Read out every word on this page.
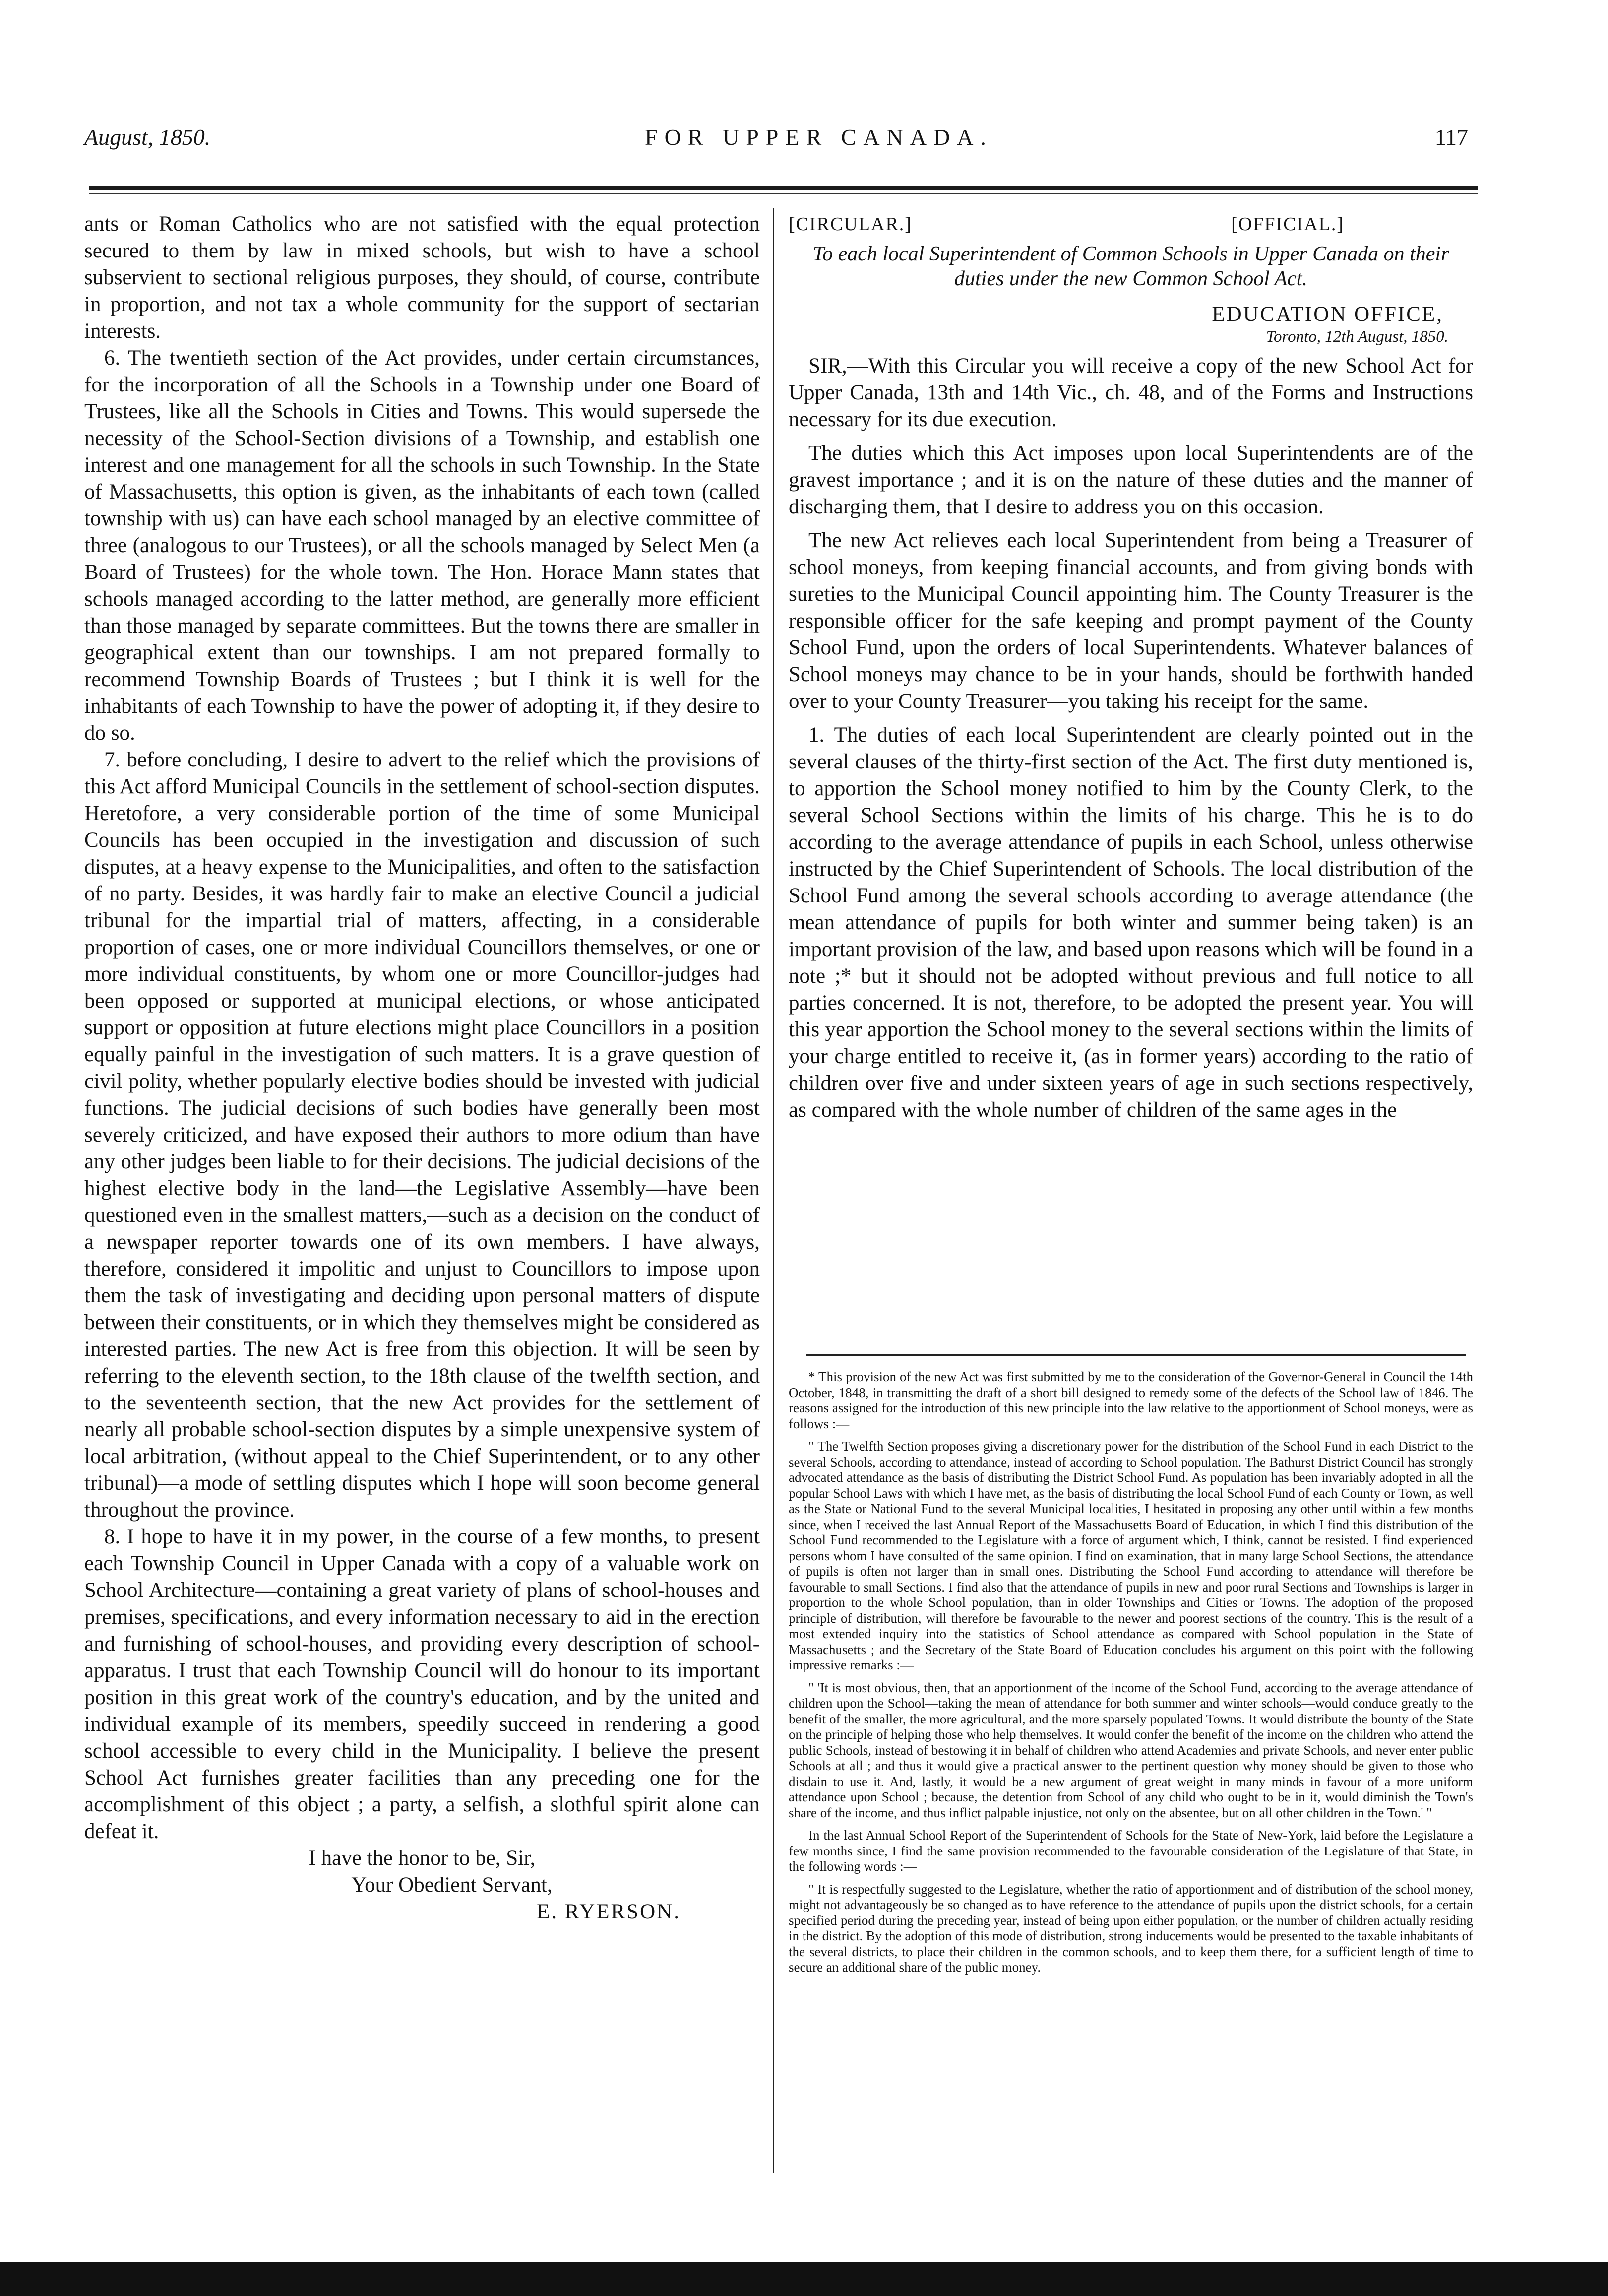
August, 1850.	FOR UPPER CANADA.	117

ants or Roman Catholics who are not satisfied with the equal protection secured to them by law in mixed schools, but wish to have a school subservient to sectional religious purposes, they should, of course, contribute in proportion, and not tax a whole community for the support of sectarian interests.

6. The twentieth section of the Act provides, under certain circumstances, for the incorporation of all the Schools in a Township under one Board of Trustees, like all the Schools in Cities and Towns. This would supersede the necessity of the School-Section divisions of a Township, and establish one interest and one management for all the schools in such Township. In the State of Massachusetts, this option is given, as the inhabitants of each town (called township with us) can have each school managed by an elective committee of three (analogous to our Trustees), or all the schools managed by Select Men (a Board of Trustees) for the whole town. The Hon. Horace Mann states that schools managed according to the latter method, are generally more efficient than those managed by separate committees. But the towns there are smaller in geographical extent than our townships. I am not prepared formally to recommend Township Boards of Trustees ; but I think it is well for the inhabitants of each Township to have the power of adopting it, if they desire to do so.

7. before concluding, I desire to advert to the relief which the provisions of this Act afford Municipal Councils in the settlement of school-section disputes. Heretofore, a very considerable portion of the time of some Municipal Councils has been occupied in the investigation and discussion of such disputes, at a heavy expense to the Municipalities, and often to the satisfaction of no party. Besides, it was hardly fair to make an elective Council a judicial tribunal for the impartial trial of matters, affecting, in a considerable proportion of cases, one or more individual Councillors themselves, or one or more individual constituents, by whom one or more Councillor-judges had been opposed or supported at municipal elections, or whose anticipated support or opposition at future elections might place Councillors in a position equally painful in the investigation of such matters. It is a grave question of civil polity, whether popularly elective bodies should be invested with judicial functions. The judicial decisions of such bodies have generally been most severely criticized, and have exposed their authors to more odium than have any other judges been liable to for their decisions. The judicial decisions of the highest elective body in the land—the Legislative Assembly—have been questioned even in the smallest matters,—such as a decision on the conduct of a newspaper reporter towards one of its own members. I have always, therefore, considered it impolitic and unjust to Councillors to impose upon them the task of investigating and deciding upon personal matters of dispute between their constituents, or in which they themselves might be considered as interested parties. The new Act is free from this objection. It will be seen by referring to the eleventh section, to the 18th clause of the twelfth section, and to the seventeenth section, that the new Act provides for the settlement of nearly all probable school-section disputes by a simple unexpensive system of local arbitration, (without appeal to the Chief Superintendent, or to any other tribunal)—a mode of settling disputes which I hope will soon become general throughout the province.

8. I hope to have it in my power, in the course of a few months, to present each Township Council in Upper Canada with a copy of a valuable work on School Architecture—containing a great variety of plans of school-houses and premises, specifications, and every information necessary to aid in the erection and furnishing of school-houses, and providing every description of school-apparatus. I trust that each Township Council will do honour to its important position in this great work of the country's education, and by the united and individual example of its members, speedily succeed in rendering a good school accessible to every child in the Municipality. I believe the present School Act furnishes greater facilities than any preceding one for the accomplishment of this object ; a party, a selfish, a slothful spirit alone can defeat it.

I have the honor to be, Sir,

Your Obedient Servant,

E. RYERSON.

[CIRCULAR.]	[OFFICIAL.]

To each local Superintendent of Common Schools in Upper Canada on their duties under the new Common School Act.

EDUCATION OFFICE,

Toronto, 12th August, 1850.

SIR,—With this Circular you will receive a copy of the new School Act for Upper Canada, 13th and 14th Vic., ch. 48, and of the Forms and Instructions necessary for its due execution.

The duties which this Act imposes upon local Superintendents are of the gravest importance ; and it is on the nature of these duties and the manner of discharging them, that I desire to address you on this occasion.

The new Act relieves each local Superintendent from being a Treasurer of school moneys, from keeping financial accounts, and from giving bonds with sureties to the Municipal Council appointing him. The County Treasurer is the responsible officer for the safe keeping and prompt payment of the County School Fund, upon the orders of local Superintendents. Whatever balances of School moneys may chance to be in your hands, should be forthwith handed over to your County Treasurer—you taking his receipt for the same.

1. The duties of each local Superintendent are clearly pointed out in the several clauses of the thirty-first section of the Act. The first duty mentioned is, to apportion the School money notified to him by the County Clerk, to the several School Sections within the limits of his charge. This he is to do according to the average attendance of pupils in each School, unless otherwise instructed by the Chief Superintendent of Schools. The local distribution of the School Fund among the several schools according to average attendance (the mean attendance of pupils for both winter and summer being taken) is an important provision of the law, and based upon reasons which will be found in a note ;* but it should not be adopted without previous and full notice to all parties concerned. It is not, therefore, to be adopted the present year. You will this year apportion the School money to the several sections within the limits of your charge entitled to receive it, (as in former years) according to the ratio of children over five and under sixteen years of age in such sections respectively, as compared with the whole number of children of the same ages in the

* This provision of the new Act was first submitted by me to the consideration of the Governor-General in Council the 14th October, 1848, in transmitting the draft of a short bill designed to remedy some of the defects of the School law of 1846. The reasons assigned for the introduction of this new principle into the law relative to the apportionment of School moneys, were as follows :—

" The Twelfth Section proposes giving a discretionary power for the distribution of the School Fund in each District to the several Schools, according to attendance, instead of according to School population. The Bathurst District Council has strongly advocated attendance as the basis of distributing the District School Fund. As population has been invariably adopted in all the popular School Laws with which I have met, as the basis of distributing the local School Fund of each County or Town, as well as the State or National Fund to the several Municipal localities, I hesitated in proposing any other until within a few months since, when I received the last Annual Report of the Massachusetts Board of Education, in which I find this distribution of the School Fund recommended to the Legislature with a force of argument which, I think, cannot be resisted. I find experienced persons whom I have consulted of the same opinion. I find on examination, that in many large School Sections, the attendance of pupils is often not larger than in small ones. Distributing the School Fund according to attendance will therefore be favourable to small Sections. I find also that the attendance of pupils in new and poor rural Sections and Townships is larger in proportion to the whole School population, than in older Townships and Cities or Towns. The adoption of the proposed principle of distribution, will therefore be favourable to the newer and poorest sections of the country. This is the result of a most extended inquiry into the statistics of School attendance as compared with School population in the State of Massachusetts ; and the Secretary of the State Board of Education concludes his argument on this point with the following impressive remarks :—

" 'It is most obvious, then, that an apportionment of the income of the School Fund, according to the average attendance of children upon the School—taking the mean of attendance for both summer and winter schools—would conduce greatly to the benefit of the smaller, the more agricultural, and the more sparsely populated Towns. It would distribute the bounty of the State on the principle of helping those who help themselves. It would confer the benefit of the income on the children who attend the public Schools, instead of bestowing it in behalf of children who attend Academies and private Schools, and never enter public Schools at all ; and thus it would give a practical answer to the pertinent question why money should be given to those who disdain to use it. And, lastly, it would be a new argument of great weight in many minds in favour of a more uniform attendance upon School ; because, the detention from School of any child who ought to be in it, would diminish the Town's share of the income, and thus inflict palpable injustice, not only on the absentee, but on all other children in the Town.' "

In the last Annual School Report of the Superintendent of Schools for the State of New-York, laid before the Legislature a few months since, I find the same provision recommended to the favourable consideration of the Legislature of that State, in the following words :—

" It is respectfully suggested to the Legislature, whether the ratio of apportionment and of distribution of the school money, might not advantageously be so changed as to have reference to the attendance of pupils upon the district schools, for a certain specified period during the preceding year, instead of being upon either population, or the number of children actually residing in the district. By the adoption of this mode of distribution, strong inducements would be presented to the taxable inhabitants of the several districts, to place their children in the common schools, and to keep them there, for a sufficient length of time to secure an additional share of the public money.
